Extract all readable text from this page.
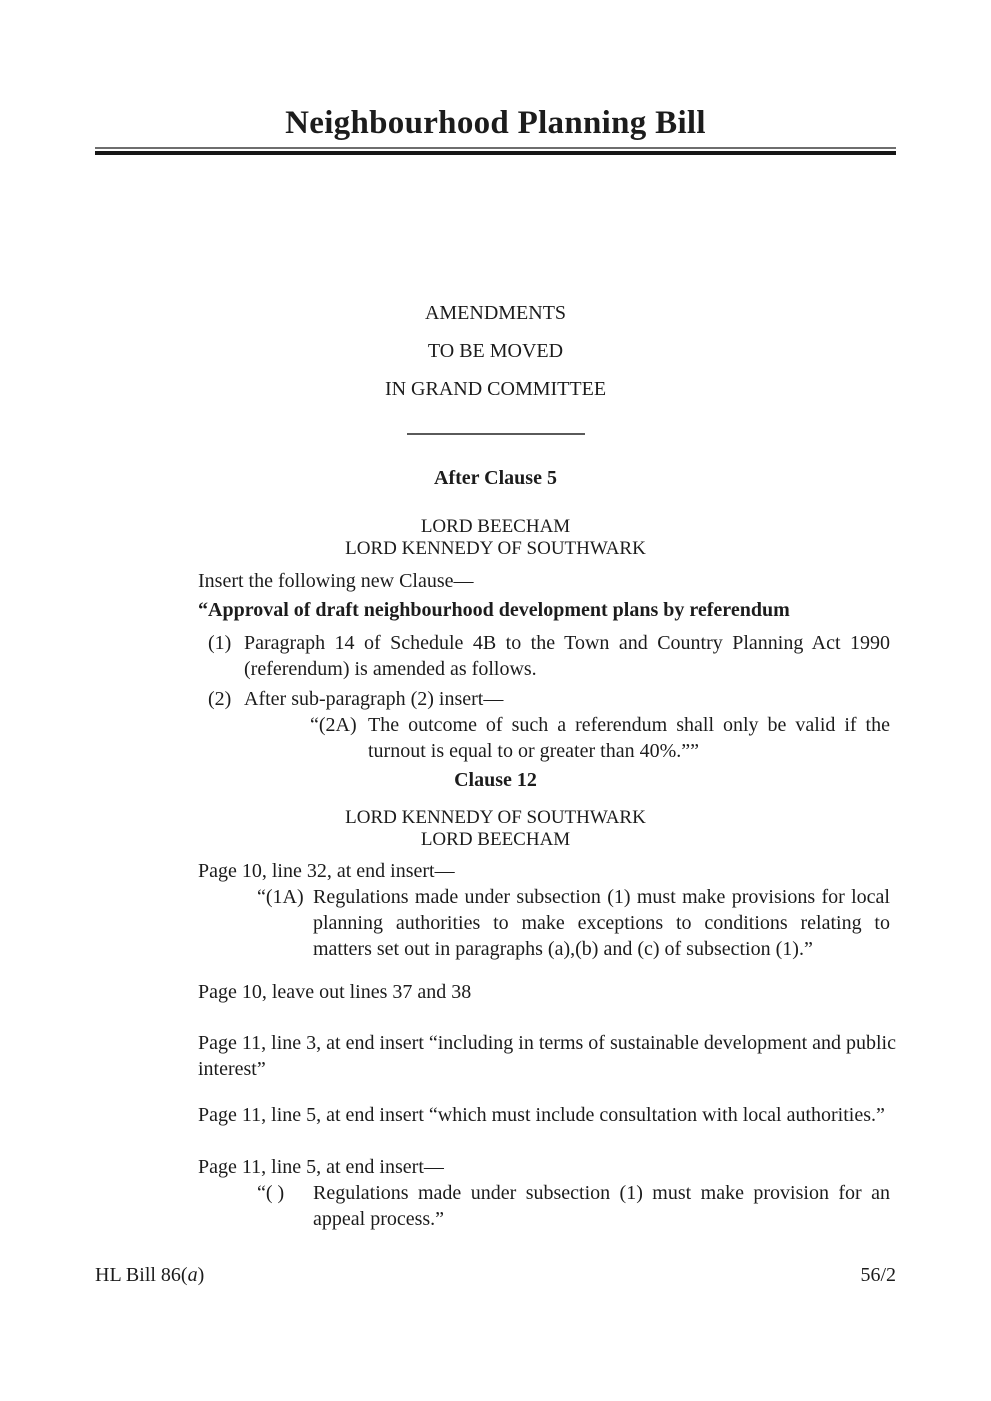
Neighbourhood Planning Bill
AMENDMENTS
TO BE MOVED
IN GRAND COMMITTEE
After Clause 5
LORD BEECHAM
LORD KENNEDY OF SOUTHWARK

Insert the following new Clause—

“Approval of draft neighbourhood development plans by referendum

(1) Paragraph 14 of Schedule 4B to the Town and Country Planning Act 1990 (referendum) is amended as follows.
(2) After sub-paragraph (2) insert—
“(2A) The outcome of such a referendum shall only be valid if the turnout is equal to or greater than 40%.””
Clause 12
LORD KENNEDY OF SOUTHWARK
LORD BEECHAM

Page 10, line 32, at end insert—

“(1A) Regulations made under subsection (1) must make provisions for local planning authorities to make exceptions to conditions relating to matters set out in paragraphs (a),(b) and (c) of subsection (1).”

Page 10, leave out lines 37 and 38

Page 11, line 3, at end insert “including in terms of sustainable development and public interest”

Page 11, line 5, at end insert “which must include consultation with local authorities.”

Page 11, line 5, at end insert—

“( )	Regulations made under subsection (1) must make provision for an appeal process.”
HL Bill 86(a)	56/2
